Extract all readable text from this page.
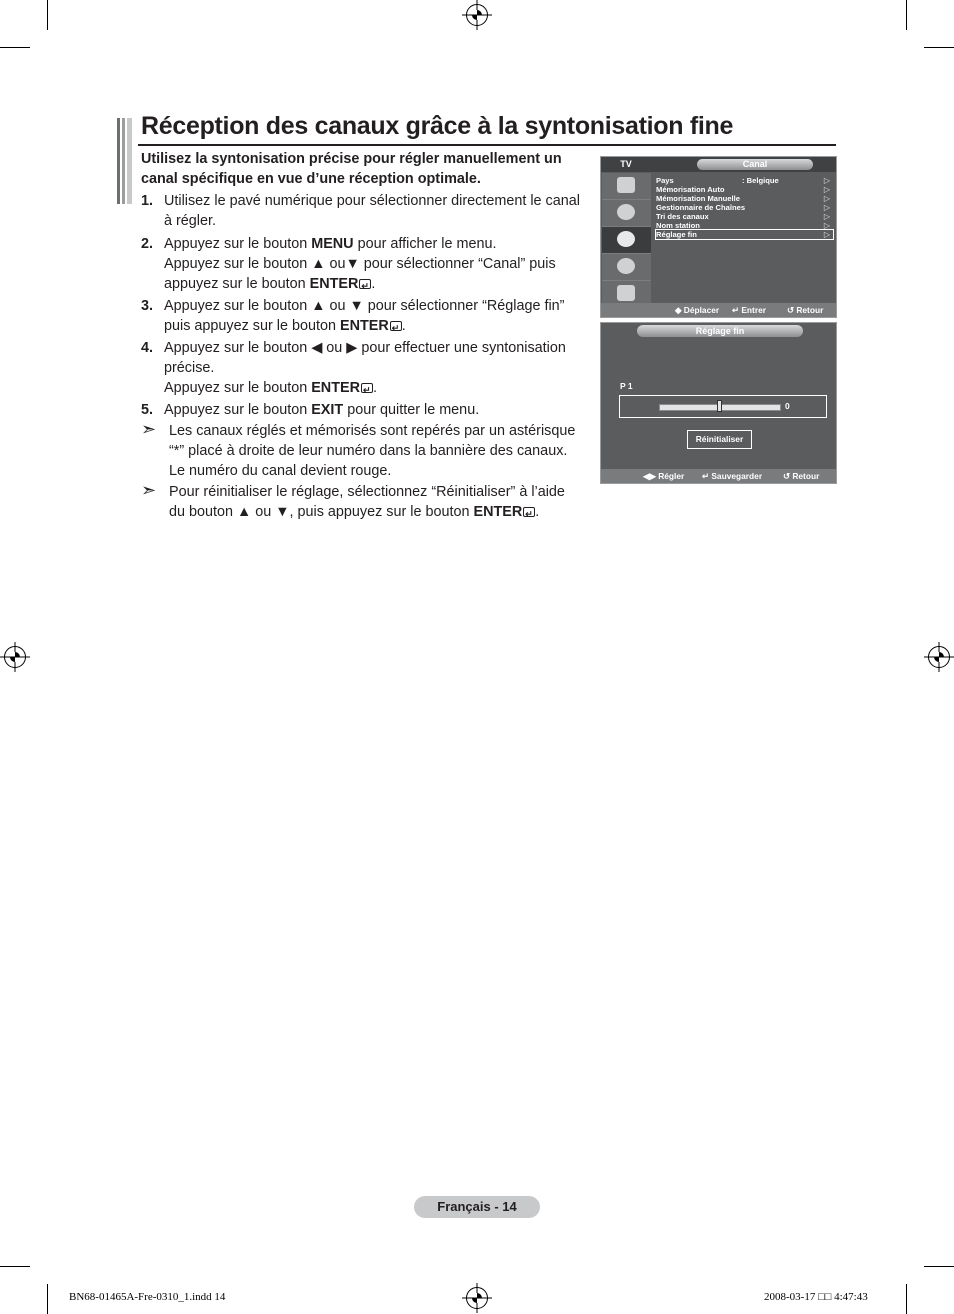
Réception des canaux grâce à la syntonisation fine
Utilisez la syntonisation précise pour régler manuellement un canal spécifique en vue d’une réception optimale.
1. Utilisez le pavé numérique pour sélectionner directement le canal
à régler.
2. Appuyez sur le bouton MENU pour afficher le menu.
Appuyez sur le bouton ▲ ou▼ pour sélectionner “Canal” puis
appuyez sur le bouton ENTER ↵ .
3. Appuyez sur le bouton ▲ ou ▼ pour sélectionner “Réglage fin”
puis appuyez sur le bouton ENTER ↵ .
4. Appuyez sur le bouton ◀ ou ▶ pour effectuer une syntonisation
précise.
Appuyez sur le bouton ENTER ↵ .
5. Appuyez sur le bouton EXIT pour quitter le menu.
➣ Les canaux réglés et mémorisés sont repérés par un astérisque
“*” placé à droite de leur numéro dans la bannière des canaux.
Le numéro du canal devient rouge.
➣ Pour réinitialiser le réglage, sélectionnez “Réinitialiser” à l’aide
du bouton ▲ ou ▼, puis appuyez sur le bouton ENTER ↵ .
TV	Canal
Pays	: Belgique	▷
Mémorisation Auto	▷
Mémorisation Manuelle	▷
Gestionnaire de Chaînes	▷
Tri des canaux	▷
Nom station	▷
Réglage fin	▷
◆ Déplacer ↵ Entrer ↺ Retour
Réglage fin
P 1
0
Réinitialiser
◀▶ Régler ↵ Sauvegarder ↺ Retour
Français - 14
BN68-01465A-Fre-0310_1.indd 14	2008-03-17 □□ 4:47:43
